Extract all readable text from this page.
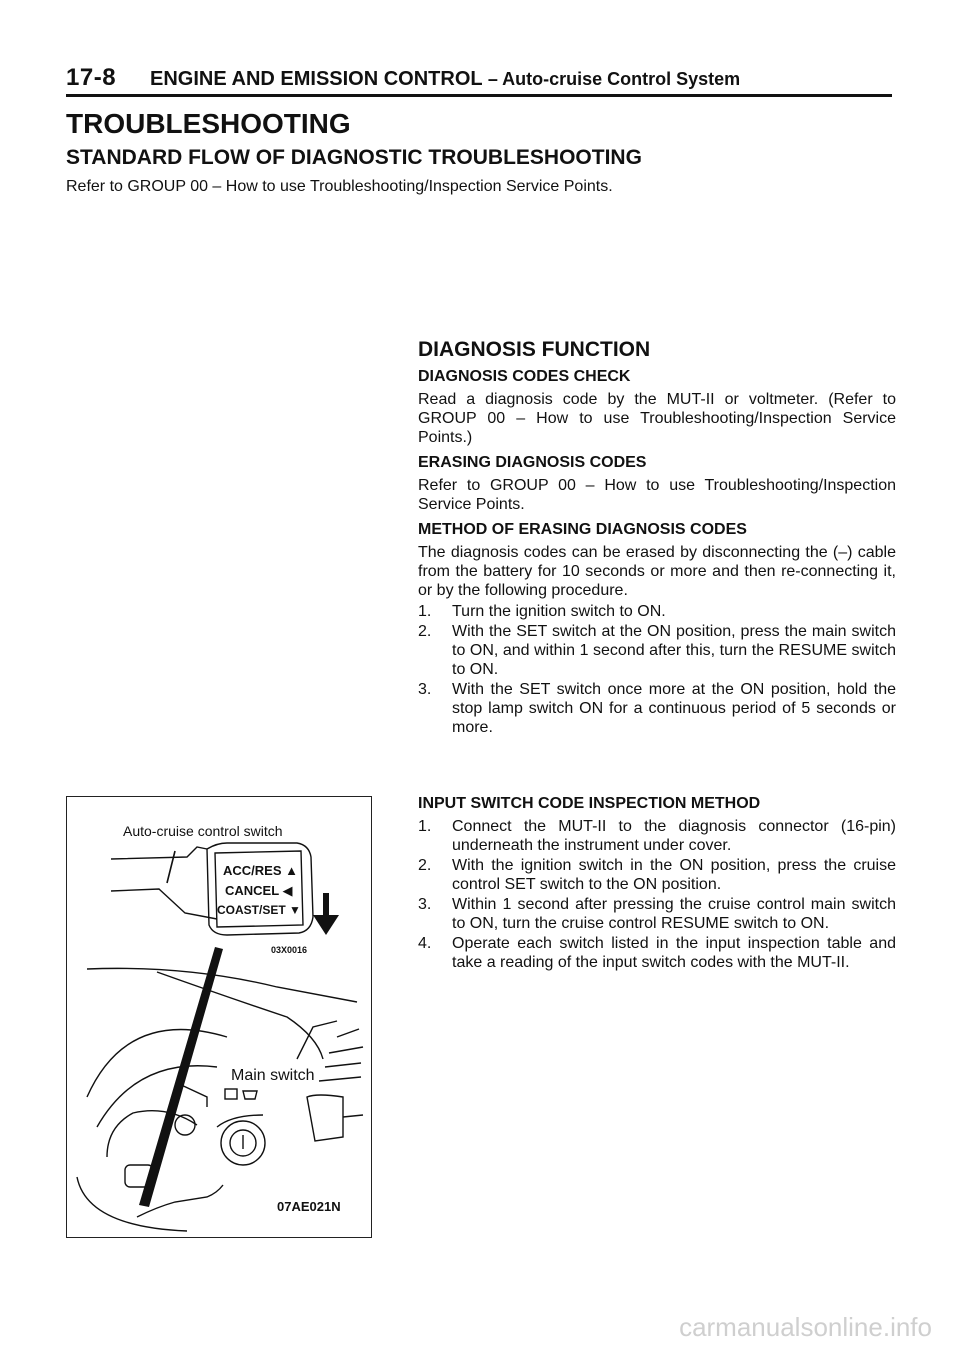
17-8 ENGINE AND EMISSION CONTROL – Auto-cruise Control System
TROUBLESHOOTING
STANDARD FLOW OF DIAGNOSTIC TROUBLESHOOTING
Refer to GROUP 00 – How to use Troubleshooting/Inspection Service Points.
DIAGNOSIS FUNCTION
DIAGNOSIS CODES CHECK

Read a diagnosis code by the MUT-II or voltmeter. (Refer to GROUP 00 – How to use Troubleshooting/Inspection Service Points.)

ERASING DIAGNOSIS CODES

Refer to GROUP 00 – How to use Troubleshooting/Inspection Service Points.

METHOD OF ERASING DIAGNOSIS CODES

The diagnosis codes can be erased by disconnecting the (–) cable from the battery for 10 seconds or more and then re-connecting it, or by the following procedure.

1. Turn the ignition switch to ON.
2. With the SET switch at the ON position, press the main switch to ON, and within 1 second after this, turn the RESUME switch to ON.
3. With the SET switch once more at the ON position, hold the stop lamp switch ON for a continuous period of 5 seconds or more.
INPUT SWITCH CODE INSPECTION METHOD
1. Connect the MUT-II to the diagnosis connector (16-pin) underneath the instrument under cover.
2. With the ignition switch in the ON position, press the cruise control SET switch to the ON position.
3. Within 1 second after pressing the cruise control main switch to ON, turn the cruise control RESUME switch to ON.
4. Operate each switch listed in the input inspection table and take a reading of the input switch codes with the MUT-II.
Auto-cruise control switch
ACC/RES ▲
CANCEL ◀
COAST/SET ▼
03X0016
Main switch
07AE021N
carmanualsonline.info
